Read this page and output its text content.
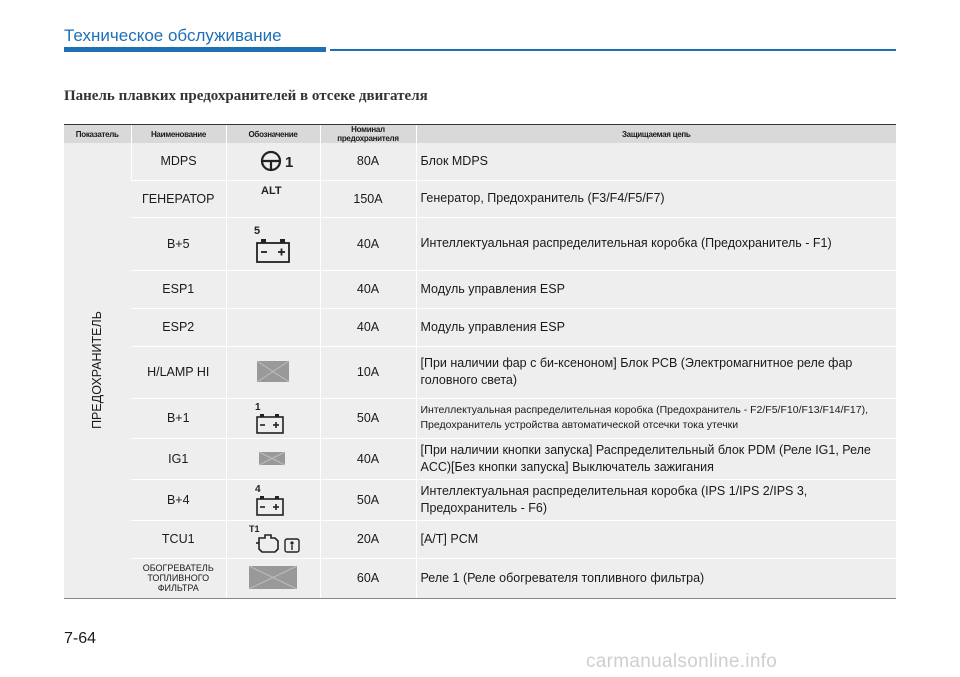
Техническое обслуживание
Панель плавких предохранителей в отсеке двигателя
Показатель	Наименование	Обозначение	Номинал предохранителя	Защищаемая цепь

ПРЕДОХРАНИТЕЛЬ	MDPS	1	80A	Блок MDPS
	ГЕНЕРАТОР	ALT	150A	Генератор, Предохранитель (F3/F4/F5/F7)
	B+5	5	40A	Интеллектуальная распределительная коробка (Предохранитель - F1)
	ESP1		40A	Модуль управления ESP
	ESP2		40A	Модуль управления ESP
	H/LAMP HI		10A	[При наличии фар с би-ксеноном] Блок PCB (Электромагнитное реле фар головного света)
	B+1	1	50A	Интеллектуальная распределительная коробка (Предохранитель - F2/F5/F10/F13/F14/F17), Предохранитель устройства автоматической отсечки тока утечки
	IG1		40A	[При наличии кнопки запуска] Распределительный блок PDM (Реле IG1, Реле ACC)[Без кнопки запуска] Выключатель зажигания
	B+4	4	50A	Интеллектуальная распределительная коробка (IPS 1/IPS 2/IPS 3, Предохранитель - F6)
	TCU1	T1	20A	[A/T] PCM
	ОБОГРЕВАТЕЛЬ ТОПЛИВНОГО ФИЛЬТРА		60A	Реле 1 (Реле обогревателя топливного фильтра)
7-64
carmanualsonline.info
